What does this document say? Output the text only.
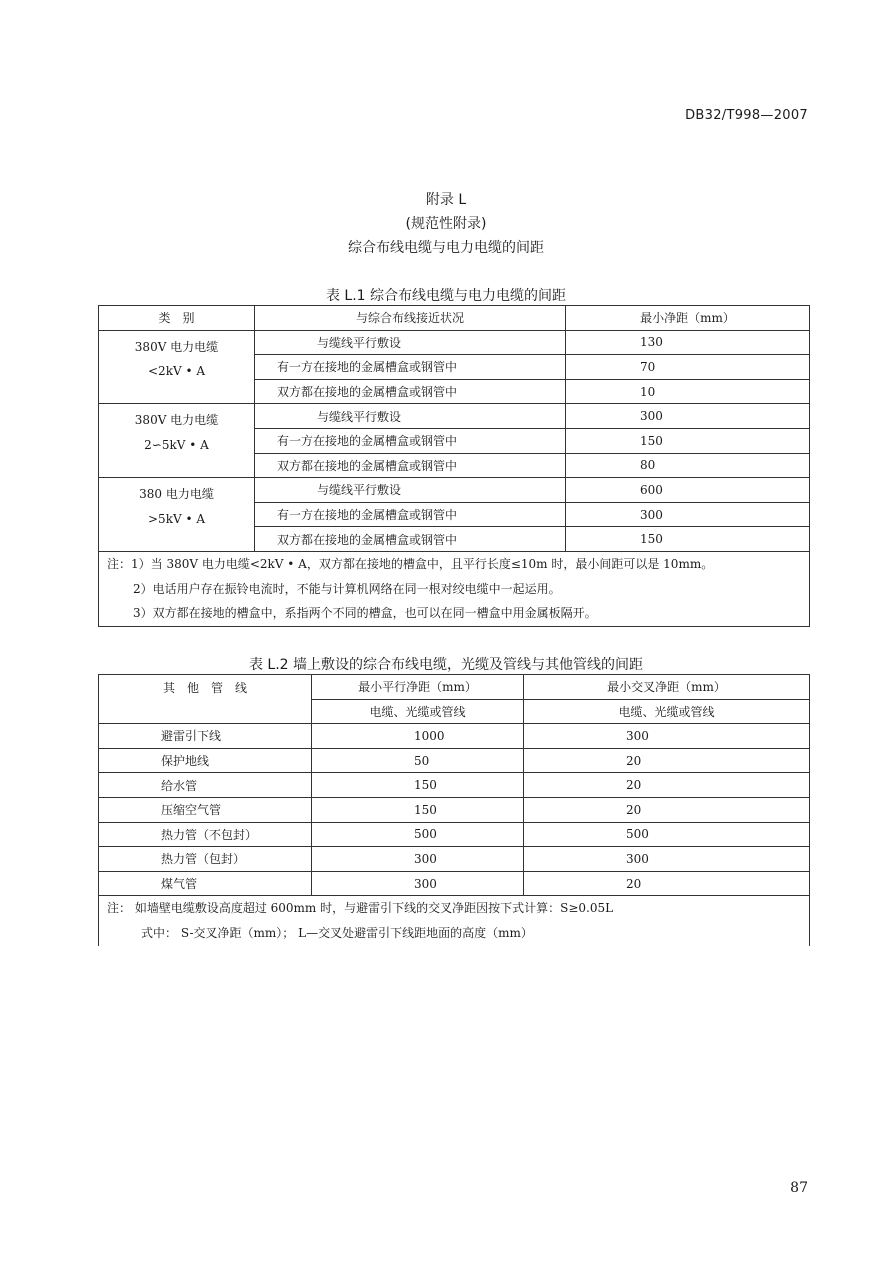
DB32/T998—2007
附录 L
(规范性附录)
综合布线电缆与电力电缆的间距
表 L.1 综合布线电缆与电力电缆的间距
类　别	与综合布线接近状况	最小净距（mm）

380V 电力电缆
<2kV • A	与缆线平行敷设	130
	有一方在接地的金属槽盒或钢管中	70
	双方都在接地的金属槽盒或钢管中	10

380V 电力电缆
2∽5kV • A	与缆线平行敷设	300
	有一方在接地的金属槽盒或钢管中	150
	双方都在接地的金属槽盒或钢管中	80

380 电力电缆
>5kV • A	与缆线平行敷设	600
	有一方在接地的金属槽盒或钢管中	300
	双方都在接地的金属槽盒或钢管中	150

注：1）当 380V 电力电缆<2kV • A，双方都在接地的槽盒中，且平行长度≤10m 时，最小间距可以是 10mm。
2）电话用户存在振铃电流时，不能与计算机网络在同一根对绞电缆中一起运用。
3）双方都在接地的槽盒中，系指两个不同的槽盒，也可以在同一槽盒中用金属板隔开。		
表 L.2 墙上敷设的综合布线电缆，光缆及管线与其他管线的间距
其　他　管　线	最小平行净距（mm）	最小交叉净距（mm）
	电缆、光缆或管线	电缆、光缆或管线
避雷引下线	1000	300
保护地线	50	20
给水管	150	20
压缩空气管	150	20
热力管（不包封）	500	500
热力管（包封）	300	300
煤气管	300	20

注： 如墙壁电缆敷设高度超过 600mm 时，与避雷引下线的交叉净距因按下式计算：S≥0.05L
式中： S-交叉净距（mm）； L—交叉处避雷引下线距地面的高度（mm）		
87
